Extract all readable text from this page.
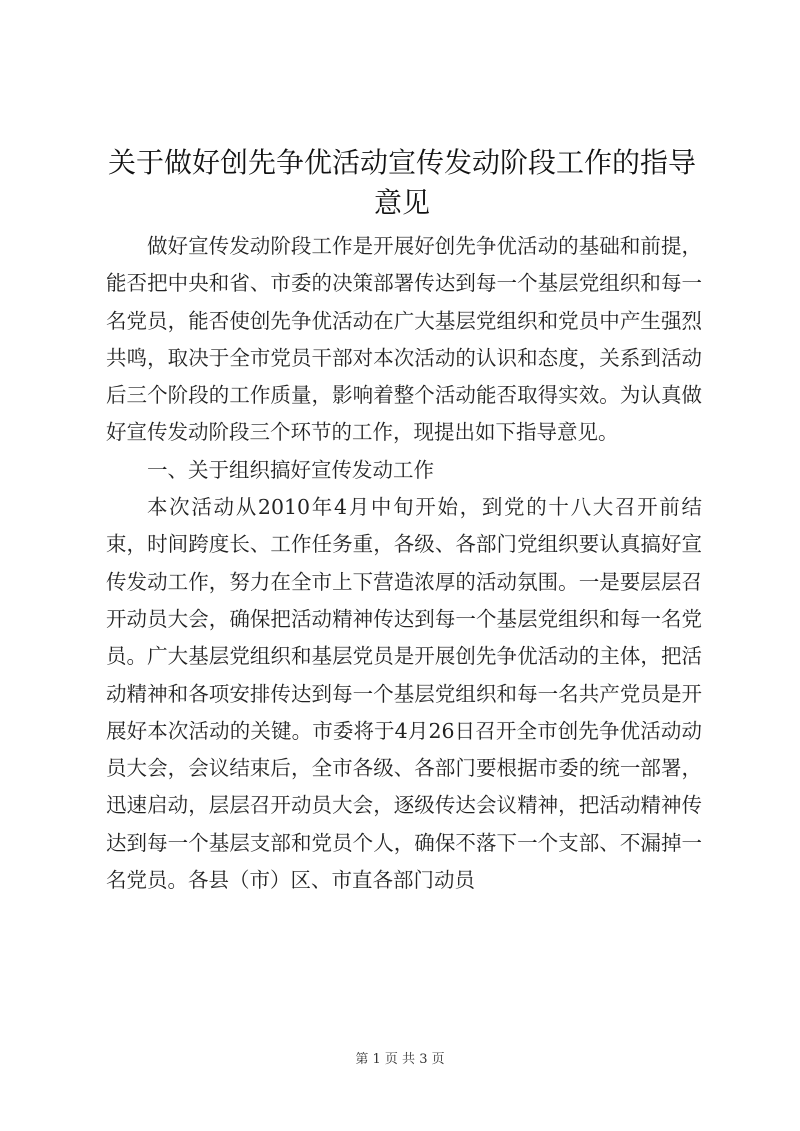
关于做好创先争优活动宣传发动阶段工作的指导意见

做好宣传发动阶段工作是开展好创先争优活动的基础和前提，能否把中央和省、市委的决策部署传达到每一个基层党组织和每一名党员，能否使创先争优活动在广大基层党组织和党员中产生强烈共鸣，取决于全市党员干部对本次活动的认识和态度，关系到活动后三个阶段的工作质量，影响着整个活动能否取得实效。为认真做好宣传发动阶段三个环节的工作，现提出如下指导意见。

一、关于组织搞好宣传发动工作

本次活动从2010年4月中旬开始，到党的十八大召开前结束，时间跨度长、工作任务重，各级、各部门党组织要认真搞好宣传发动工作，努力在全市上下营造浓厚的活动氛围。一是要层层召开动员大会，确保把活动精神传达到每一个基层党组织和每一名党员。广大基层党组织和基层党员是开展创先争优活动的主体，把活动精神和各项安排传达到每一个基层党组织和每一名共产党员是开展好本次活动的关键。市委将于4月26日召开全市创先争优活动动员大会，会议结束后，全市各级、各部门要根据市委的统一部署，迅速启动，层层召开动员大会，逐级传达会议精神，把活动精神传达到每一个基层支部和党员个人，确保不落下一个支部、不漏掉一名党员。各县（市）区、市直各部门动员

第 1 页 共 3 页
